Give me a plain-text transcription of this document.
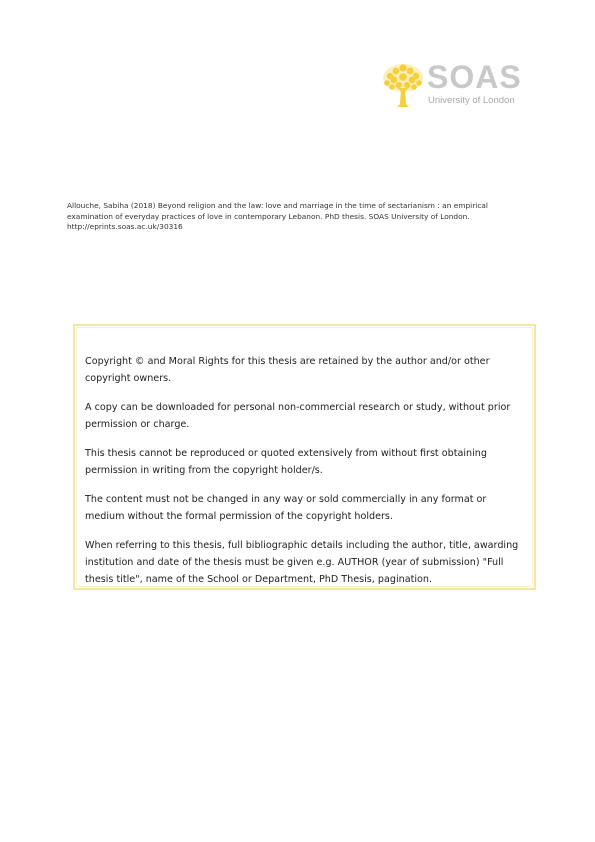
SOAS
University of London
Allouche, Sabiha (2018) Beyond religion and the law: love and marriage in the time of sectarianism : an empirical
examination of everyday practices of love in contemporary Lebanon. PhD thesis. SOAS University of London.
http://eprints.soas.ac.uk/30316
Copyright © and Moral Rights for this thesis are retained by the author and/or other
copyright owners.
A copy can be downloaded for personal non-commercial research or study, without prior
permission or charge.
This thesis cannot be reproduced or quoted extensively from without first obtaining
permission in writing from the copyright holder/s.
The content must not be changed in any way or sold commercially in any format or
medium without the formal permission of the copyright holders.
When referring to this thesis, full bibliographic details including the author, title, awarding
institution and date of the thesis must be given e.g. AUTHOR (year of submission) "Full
thesis title", name of the School or Department, PhD Thesis, pagination.
